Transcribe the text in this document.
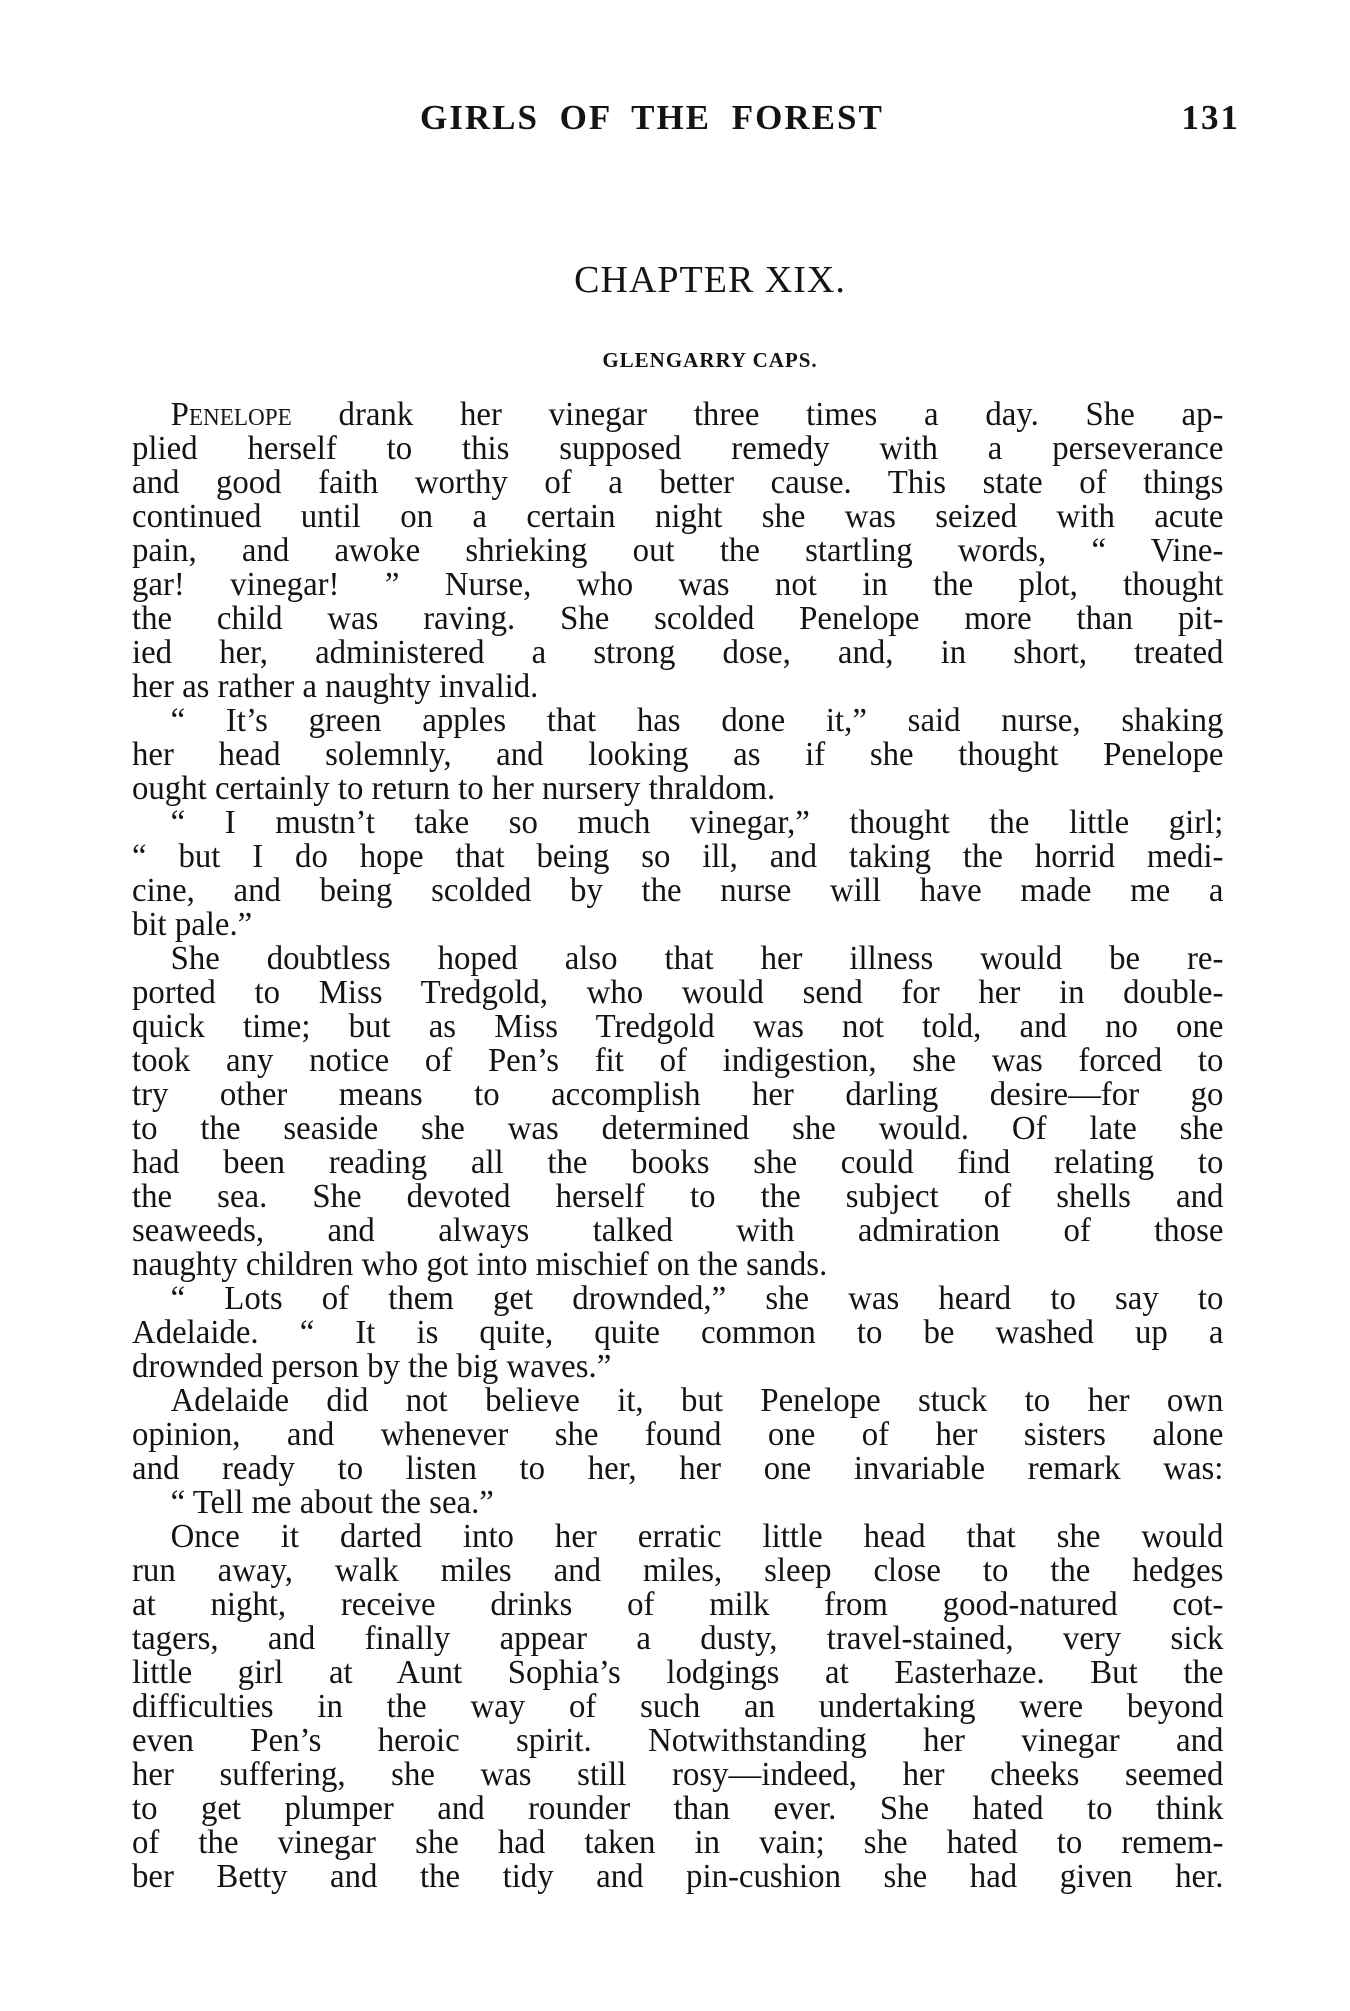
GIRLS OF THE FOREST	131
CHAPTER XIX.
GLENGARRY CAPS.
Penelope drank her vinegar three times a day. She ap-
plied herself to this supposed remedy with a perseverance
and good faith worthy of a better cause. This state of things
continued until on a certain night she was seized with acute
pain, and awoke shrieking out the startling words, “ Vine-
gar! vinegar! ” Nurse, who was not in the plot, thought
the child was raving. She scolded Penelope more than pit-
ied her, administered a strong dose, and, in short, treated
her as rather a naughty invalid.
“ It’s green apples that has done it,” said nurse, shaking
her head solemnly, and looking as if she thought Penelope
ought certainly to return to her nursery thraldom.
“ I mustn’t take so much vinegar,” thought the little girl;
“ but I do hope that being so ill, and taking the horrid medi-
cine, and being scolded by the nurse will have made me a
bit pale.”
She doubtless hoped also that her illness would be re-
ported to Miss Tredgold, who would send for her in double-
quick time; but as Miss Tredgold was not told, and no one
took any notice of Pen’s fit of indigestion, she was forced to
try other means to accomplish her darling desire—for go
to the seaside she was determined she would. Of late she
had been reading all the books she could find relating to
the sea. She devoted herself to the subject of shells and
seaweeds, and always talked with admiration of those
naughty children who got into mischief on the sands.
“ Lots of them get drownded,” she was heard to say to
Adelaide. “ It is quite, quite common to be washed up a
drownded person by the big waves.”
Adelaide did not believe it, but Penelope stuck to her own
opinion, and whenever she found one of her sisters alone
and ready to listen to her, her one invariable remark was:
“ Tell me about the sea.”
Once it darted into her erratic little head that she would
run away, walk miles and miles, sleep close to the hedges
at night, receive drinks of milk from good-natured cot-
tagers, and finally appear a dusty, travel-stained, very sick
little girl at Aunt Sophia’s lodgings at Easterhaze. But the
difficulties in the way of such an undertaking were beyond
even Pen’s heroic spirit. Notwithstanding her vinegar and
her suffering, she was still rosy—indeed, her cheeks seemed
to get plumper and rounder than ever. She hated to think
of the vinegar she had taken in vain; she hated to remem-
ber Betty and the tidy and pin-cushion she had given her.
